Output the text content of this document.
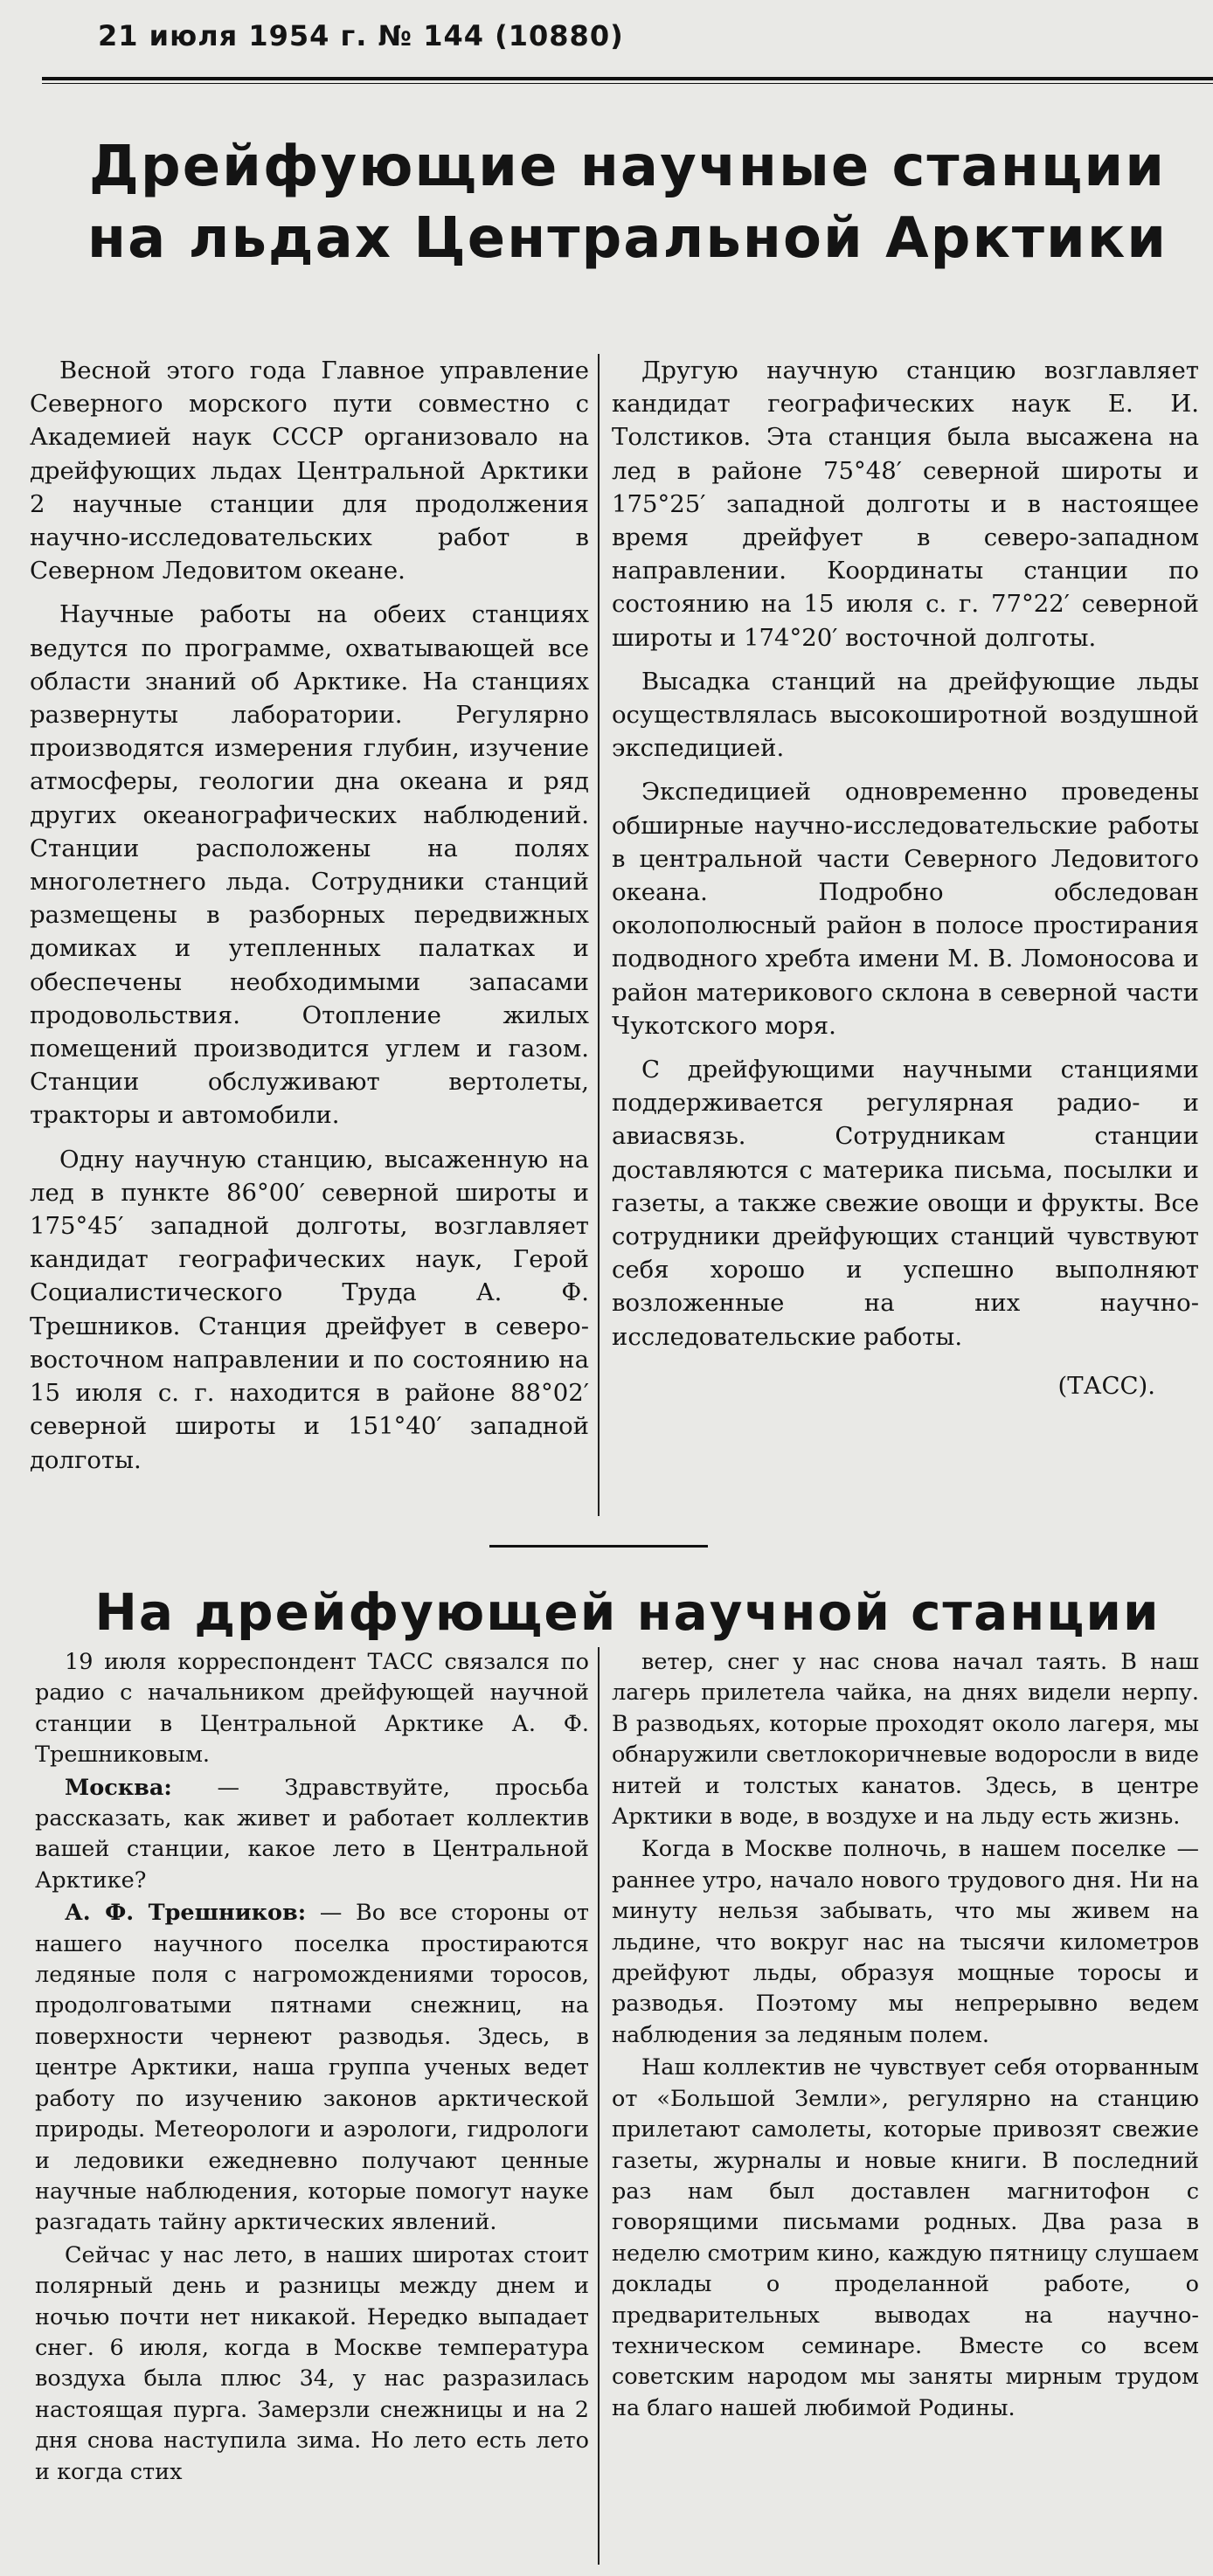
21 июля 1954 г. № 144 (10880)
Дрейфующие научные станции на льдах Центральной Арктики

Весной этого года Главное управление Северного морского пути совместно с Академией наук СССР организовало на дрейфующих льдах Центральной Арктики 2 научные станции для продолжения научно-исследовательских работ в Северном Ледовитом океане.

Научные работы на обеих станциях ведутся по программе, охватывающей все области знаний об Арктике. На станциях развернуты лаборатории. Регулярно производятся измерения глубин, изучение атмосферы, геологии дна океана и ряд других океанографических наблюдений. Станции расположены на полях многолетнего льда. Сотрудники станций размещены в разборных передвижных домиках и утепленных палатках и обеспечены необходимыми запасами продовольствия. Отопление жилых помещений производится углем и газом. Станции обслуживают вертолеты, тракторы и автомобили.

Одну научную станцию, высаженную на лед в пункте 86°00′ северной широты и 175°45′ западной долготы, возглавляет кандидат географических наук, Герой Социалистического Труда А. Ф. Трешников. Станция дрейфует в северо-восточном направлении и по состоянию на 15 июля с. г. находится в районе 88°02′ северной широты и 151°40′ западной долготы.

Другую научную станцию возглавляет кандидат географических наук Е. И. Толстиков. Эта станция была высажена на лед в районе 75°48′ северной широты и 175°25′ западной долготы и в настоящее время дрейфует в северо-западном направлении. Координаты станции по состоянию на 15 июля с. г. 77°22′ северной широты и 174°20′ восточной долготы.

Высадка станций на дрейфующие льды осуществлялась высокоширотной воздушной экспедицией.

Экспедицией одновременно проведены обширные научно-исследовательские работы в центральной части Северного Ледовитого океана. Подробно обследован околополюсный район в полосе простирания подводного хребта имени М. В. Ломоносова и район материкового склона в северной части Чукотского моря.

С дрейфующими научными станциями поддерживается регулярная радио- и авиасвязь. Сотрудникам станции доставляются с материка письма, посылки и газеты, а также свежие овощи и фрукты. Все сотрудники дрейфующих станций чувствуют себя хорошо и успешно выполняют возложенные на них научно-исследовательские работы.

(ТАСС).

На дрейфующей научной станции

19 июля корреспондент ТАСС связался по радио с начальником дрейфующей научной станции в Центральной Арктике А. Ф. Трешниковым.

Москва: — Здравствуйте, просьба рассказать, как живет и работает коллектив вашей станции, какое лето в Центральной Арктике?

А. Ф. Трешников: — Во все стороны от нашего научного поселка простираются ледяные поля с нагромождениями торосов, продолговатыми пятнами снежниц, на поверхности чернеют разводья. Здесь, в центре Арктики, наша группа ученых ведет работу по изучению законов арктической природы. Метеорологи и аэрологи, гидрологи и ледовики ежедневно получают ценные научные наблюдения, которые помогут науке разгадать тайну арктических явлений.

Сейчас у нас лето, в наших широтах стоит полярный день и разницы между днем и ночью почти нет никакой. Нередко выпадает снег. 6 июля, когда в Москве температура воздуха была плюс 34, у нас разразилась настоящая пурга. Замерзли снежницы и на 2 дня снова наступила зима. Но лето есть лето и когда стих

ветер, снег у нас снова начал таять. В наш лагерь прилетела чайка, на днях видели нерпу. В разводьях, которые проходят около лагеря, мы обнаружили светлокоричневые водоросли в виде нитей и толстых канатов. Здесь, в центре Арктики в воде, в воздухе и на льду есть жизнь.

Когда в Москве полночь, в нашем поселке — раннее утро, начало нового трудового дня. Ни на минуту нельзя забывать, что мы живем на льдине, что вокруг нас на тысячи километров дрейфуют льды, образуя мощные торосы и разводья. Поэтому мы непрерывно ведем наблюдения за ледяным полем.

Наш коллектив не чувствует себя оторванным от «Большой Земли», регулярно на станцию прилетают самолеты, которые привозят свежие газеты, журналы и новые книги. В последний раз нам был доставлен магнитофон с говорящими письмами родных. Два раза в неделю смотрим кино, каждую пятницу слушаем доклады о проделанной работе, о предварительных выводах на научно-техническом семинаре. Вместе со всем советским народом мы заняты мирным трудом на благо нашей любимой Родины.
